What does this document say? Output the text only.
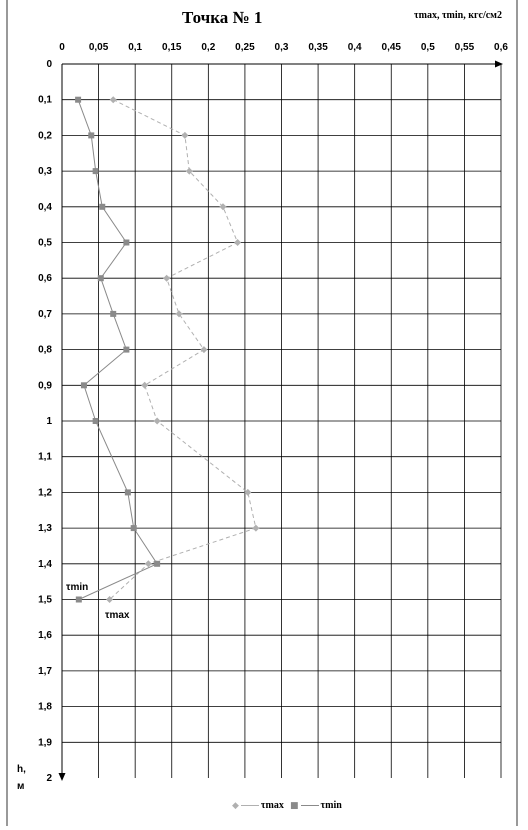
Точка № 1	τmax, τmin, кгс/см2
0 0,05 0,1 0,15 0,2 0,25 0,3 0,35 0,4 0,45 0,5 0,55 0,6
0
0,1
0,2
0,3
0,4
0,5
0,6
0,7
0,8
0,9
1
1,1
1,2
1,3
1,4
1,5
1,6
1,7
1,8
1,9
2
h,
м
τmin
τmax
◆ τmax ■ τmin
